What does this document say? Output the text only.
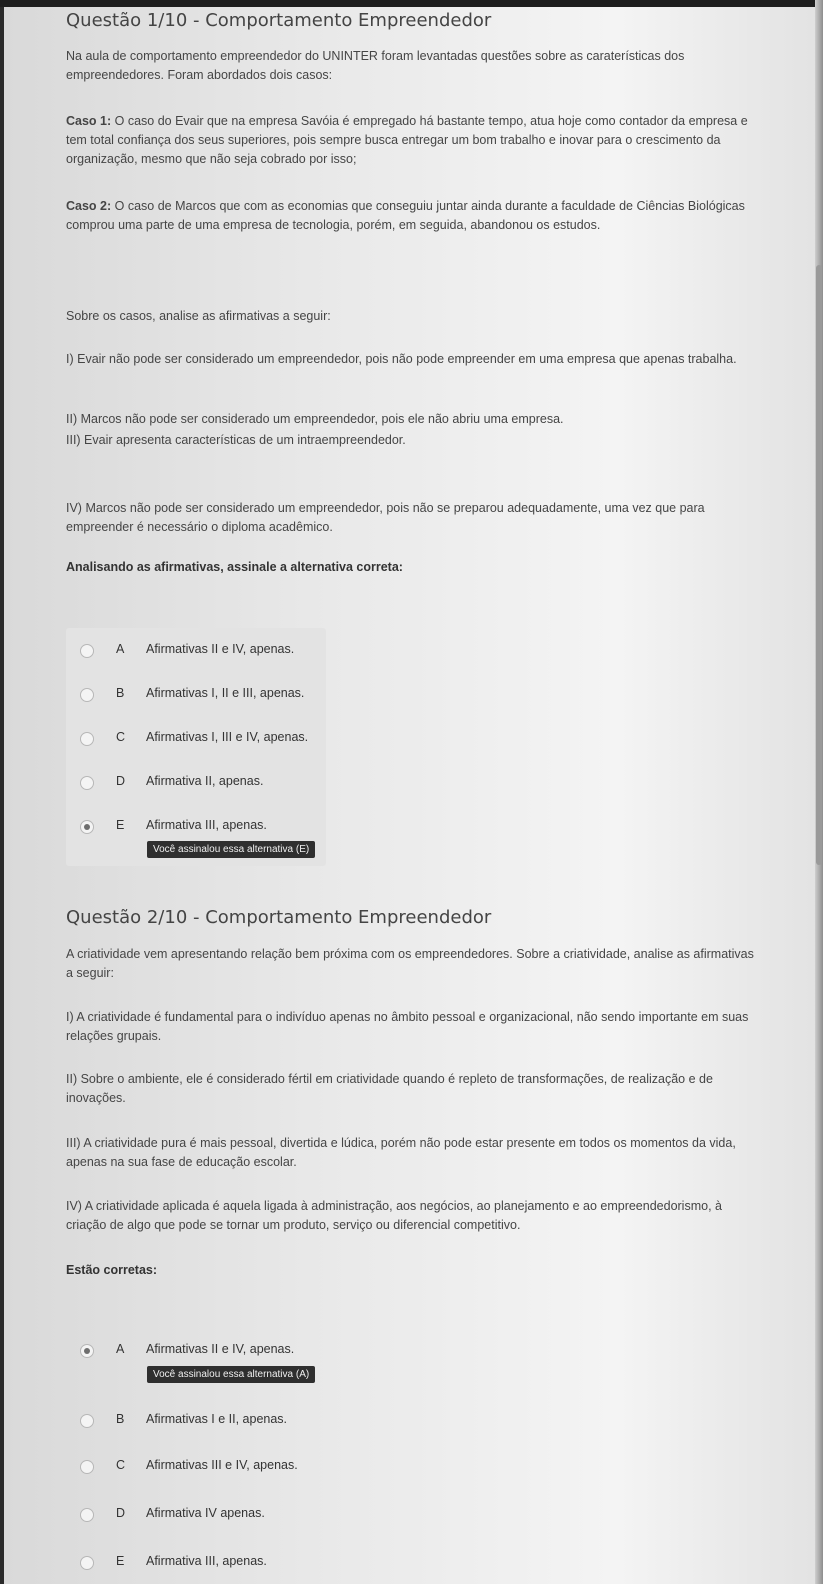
Questão 1/10 - Comportamento Empreendedor

Na aula de comportamento empreendedor do UNINTER foram levantadas questões sobre as caraterísticas dos empreendedores. Foram abordados dois casos:

Caso 1: O caso do Evair que na empresa Savóia é empregado há bastante tempo, atua hoje como contador da empresa e tem total confiança dos seus superiores, pois sempre busca entregar um bom trabalho e inovar para o crescimento da organização, mesmo que não seja cobrado por isso;

Caso 2: O caso de Marcos que com as economias que conseguiu juntar ainda durante a faculdade de Ciências Biológicas comprou uma parte de uma empresa de tecnologia, porém, em seguida, abandonou os estudos.

Sobre os casos, analise as afirmativas a seguir:

I) Evair não pode ser considerado um empreendedor, pois não pode empreender em uma empresa que apenas trabalha.

II) Marcos não pode ser considerado um empreendedor, pois ele não abriu uma empresa.

III) Evair apresenta características de um intraempreendedor.

IV) Marcos não pode ser considerado um empreendedor, pois não se preparou adequadamente, uma vez que para empreender é necessário o diploma acadêmico.

Analisando as afirmativas, assinale a alternativa correta:

A Afirmativas II e IV, apenas.
B Afirmativas I, II e III, apenas.
C Afirmativas I, III e IV, apenas.
D Afirmativa II, apenas.
E Afirmativa III, apenas.
Você assinalou essa alternativa (E)
Questão 2/10 - Comportamento Empreendedor

A criatividade vem apresentando relação bem próxima com os empreendedores. Sobre a criatividade, analise as afirmativas a seguir:

I) A criatividade é fundamental para o indivíduo apenas no âmbito pessoal e organizacional, não sendo importante em suas relações grupais.

II) Sobre o ambiente, ele é considerado fértil em criatividade quando é repleto de transformações, de realização e de inovações.

III) A criatividade pura é mais pessoal, divertida e lúdica, porém não pode estar presente em todos os momentos da vida, apenas na sua fase de educação escolar.

IV) A criatividade aplicada é aquela ligada à administração, aos negócios, ao planejamento e ao empreendedorismo, à criação de algo que pode se tornar um produto, serviço ou diferencial competitivo.

Estão corretas:

A Afirmativas II e IV, apenas.
Você assinalou essa alternativa (A)
B Afirmativas I e II, apenas.
C Afirmativas III e IV, apenas.
D Afirmativa IV apenas.
E Afirmativa III, apenas.
